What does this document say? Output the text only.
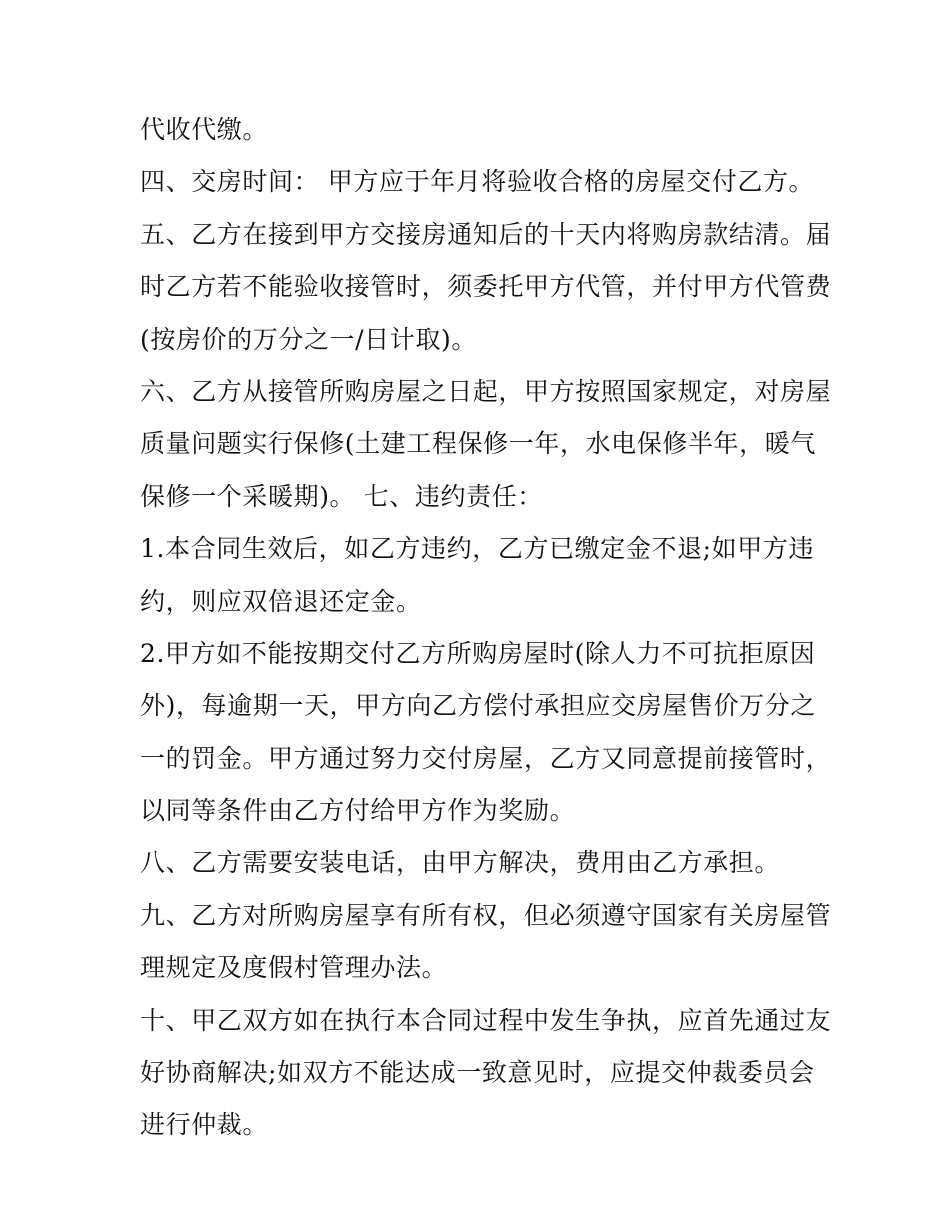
代收代缴。
四、交房时间： 甲方应于年月将验收合格的房屋交付乙方。
五、乙方在接到甲方交接房通知后的十天内将购房款结清。届
时乙方若不能验收接管时，须委托甲方代管，并付甲方代管费
(按房价的万分之一/日计取)。
六、乙方从接管所购房屋之日起，甲方按照国家规定，对房屋
质量问题实行保修(土建工程保修一年，水电保修半年，暖气
保修一个采暖期)。 七、违约责任：
1.本合同生效后，如乙方违约，乙方已缴定金不退;如甲方违
约，则应双倍退还定金。
2.甲方如不能按期交付乙方所购房屋时(除人力不可抗拒原因
外)，每逾期一天，甲方向乙方偿付承担应交房屋售价万分之
一的罚金。甲方通过努力交付房屋，乙方又同意提前接管时，
以同等条件由乙方付给甲方作为奖励。
八、乙方需要安装电话，由甲方解决，费用由乙方承担。
九、乙方对所购房屋享有所有权，但必须遵守国家有关房屋管
理规定及度假村管理办法。
十、甲乙双方如在执行本合同过程中发生争执，应首先通过友
好协商解决;如双方不能达成一致意见时，应提交仲裁委员会
进行仲裁。
